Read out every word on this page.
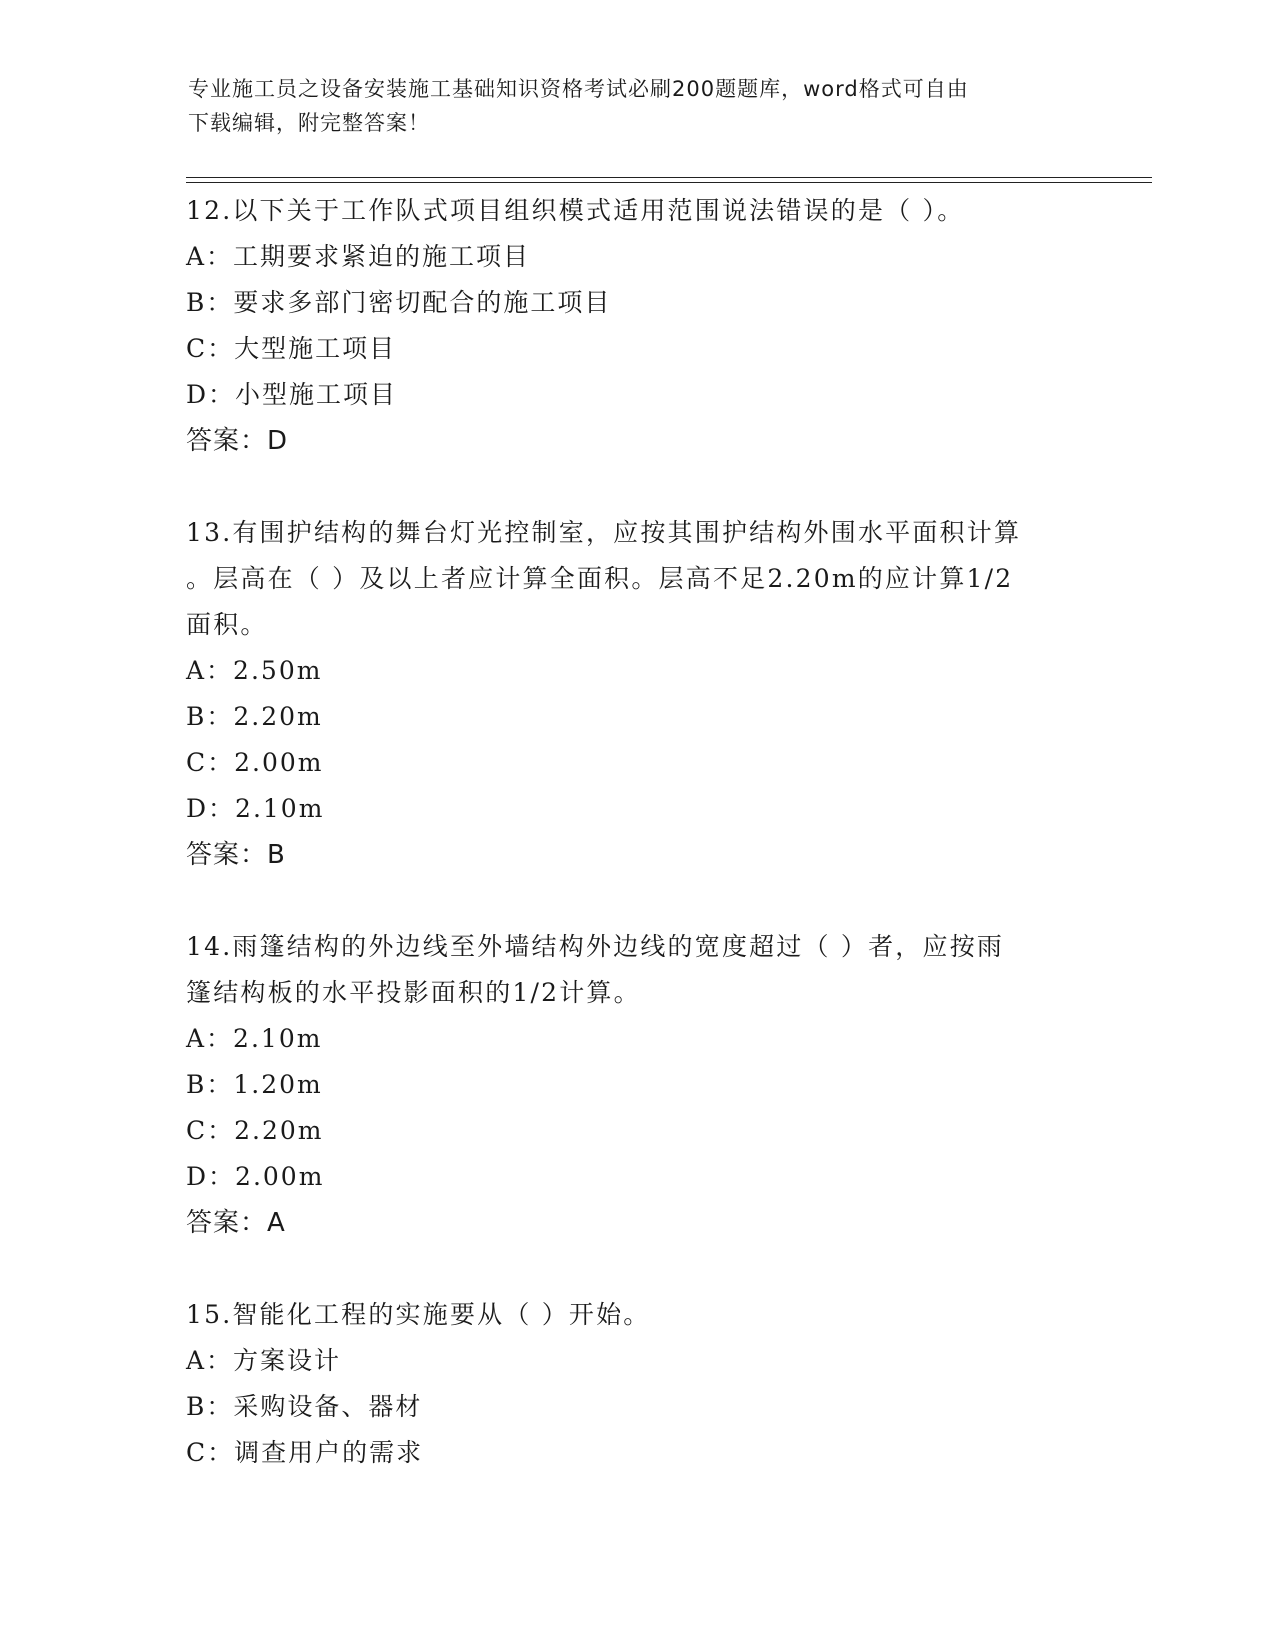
专业施工员之设备安装施工基础知识资格考试必刷200题题库，word格式可自由
下载编辑，附完整答案！
12.以下关于工作队式项目组织模式适用范围说法错误的是（ ）。
A：工期要求紧迫的施工项目
B：要求多部门密切配合的施工项目
C：大型施工项目
D：小型施工项目
答案：D
13.有围护结构的舞台灯光控制室，应按其围护结构外围水平面积计算
。层高在（ ）及以上者应计算全面积。层高不足2.20m的应计算1/2
面积。
A：2.50m
B：2.20m
C：2.00m
D：2.10m
答案：B
14.雨篷结构的外边线至外墙结构外边线的宽度超过（ ）者，应按雨
篷结构板的水平投影面积的1/2计算。
A：2.10m
B：1.20m
C：2.20m
D：2.00m
答案：A
15.智能化工程的实施要从（ ）开始。
A：方案设计
B：采购设备、器材
C：调查用户的需求
